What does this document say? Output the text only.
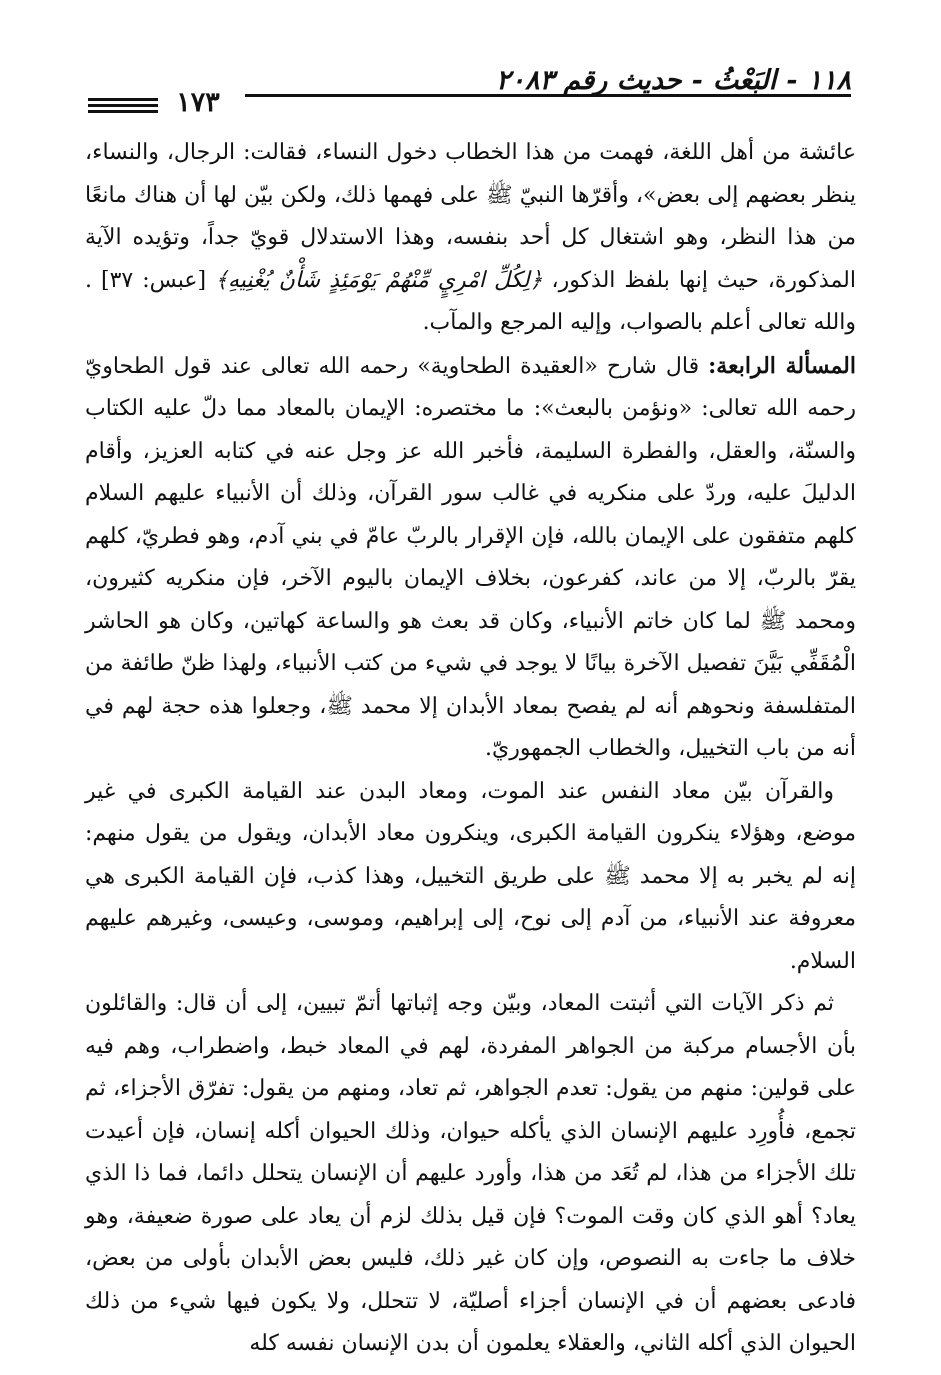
١١٨
-
البَعْثُ
-
حديث رقم ٢٠٨٣
١٧٣

عائشة من أهل اللغة، فهمت من هذا الخطاب دخول النساء، فقالت: الرجال، والنساء، ينظر بعضهم إلى بعض»، وأقرّها النبيّ ﷺ على فهمها ذلك، ولكن بيّن لها أن هناك مانعًا من هذا النظر، وهو اشتغال كل أحد بنفسه، وهذا الاستدلال قويّ جداً، وتؤيده الآية المذكورة، حيث إنها بلفظ الذكور، ﴿لِكُلِّ امْرِيٍ مِّنْهُمْ يَوْمَئِذٍ شَأْنٌ يُغْنِيهِ﴾ [عبس: ٣٧] . والله تعالى أعلم بالصواب، وإليه المرجع والمآب.

المسألة الرابعة: قال شارح «العقيدة الطحاوية» رحمه الله تعالى عند قول الطحاويّ رحمه الله تعالى: «ونؤمن بالبعث»: ما مختصره: الإيمان بالمعاد مما دلّ عليه الكتاب والسنّة، والعقل، والفطرة السليمة، فأخبر الله عز وجل عنه في كتابه العزيز، وأقام الدليلَ عليه، وردّ على منكريه في غالب سور القرآن، وذلك أن الأنبياء عليهم السلام كلهم متفقون على الإيمان بالله، فإن الإقرار بالربّ عامّ في بني آدم، وهو فطريّ، كلهم يقرّ بالربّ، إلا من عاند، كفرعون، بخلاف الإيمان باليوم الآخر، فإن منكريه كثيرون، ومحمد ﷺ لما كان خاتم الأنبياء، وكان قد بعث هو والساعة كهاتين، وكان هو الحاشر الْمُقَفِّي بَيَّنَ تفصيل الآخرة بيانًا لا يوجد في شيء من كتب الأنبياء، ولهذا ظنّ طائفة من المتفلسفة ونحوهم أنه لم يفصح بمعاد الأبدان إلا محمد ﷺ، وجعلوا هذه حجة لهم في أنه من باب التخييل، والخطاب الجمهوريّ.

والقرآن بيّن معاد النفس عند الموت، ومعاد البدن عند القيامة الكبرى في غير موضع، وهؤلاء ينكرون القيامة الكبرى، وينكرون معاد الأبدان، ويقول من يقول منهم: إنه لم يخبر به إلا محمد ﷺ على طريق التخييل، وهذا كذب، فإن القيامة الكبرى هي معروفة عند الأنبياء، من آدم إلى نوح، إلى إبراهيم، وموسى، وعيسى، وغيرهم عليهم السلام.

ثم ذكر الآيات التي أثبتت المعاد، وبيّن وجه إثباتها أتمّ تبيين، إلى أن قال: والقائلون بأن الأجسام مركبة من الجواهر المفردة، لهم في المعاد خبط، واضطراب، وهم فيه على قولين: منهم من يقول: تعدم الجواهر، ثم تعاد، ومنهم من يقول: تفرّق الأجزاء، ثم تجمع، فأُورِد عليهم الإنسان الذي يأكله حيوان، وذلك الحيوان أكله إنسان، فإن أعيدت تلك الأجزاء من هذا، لم تُعَد من هذا، وأورد عليهم أن الإنسان يتحلل دائما، فما ذا الذي يعاد؟ أهو الذي كان وقت الموت؟ فإن قيل بذلك لزم أن يعاد على صورة ضعيفة، وهو خلاف ما جاءت به النصوص، وإن كان غير ذلك، فليس بعض الأبدان بأولى من بعض، فادعى بعضهم أن في الإنسان أجزاء أصليّة، لا تتحلل، ولا يكون فيها شيء من ذلك الحيوان الذي أكله الثاني، والعقلاء يعلمون أن بدن الإنسان نفسه كله
